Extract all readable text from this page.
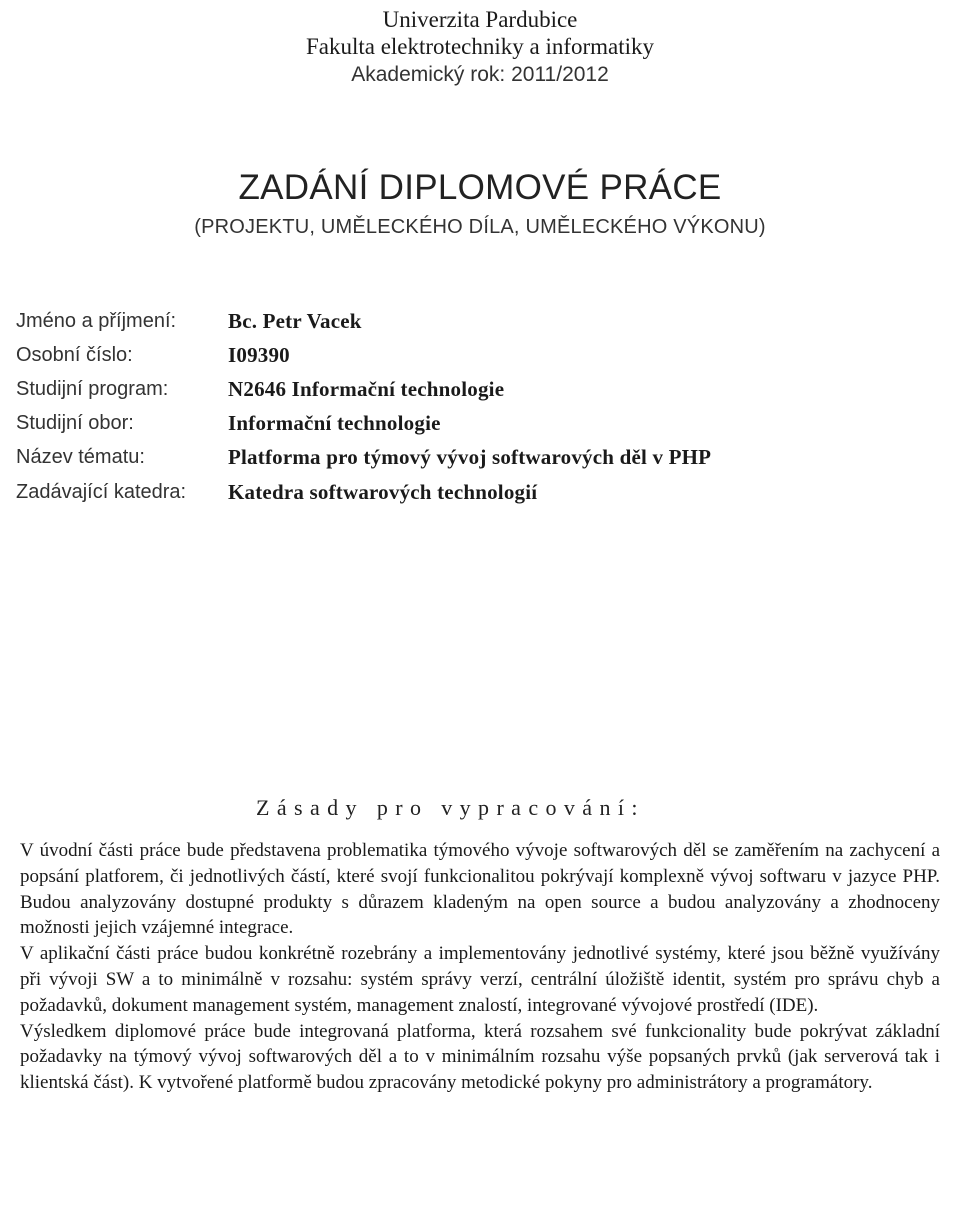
Univerzita Pardubice
Fakulta elektrotechniky a informatiky
Akademický rok: 2011/2012
ZADÁNÍ DIPLOMOVÉ PRÁCE
(PROJEKTU, UMĚLECKÉHO DÍLA, UMĚLECKÉHO VÝKONU)
Jméno a příjmení:	Bc. Petr Vacek
Osobní číslo:	I09390
Studijní program:	N2646 Informační technologie
Studijní obor:	Informační technologie
Název tématu:	Platforma pro týmový vývoj softwarových děl v PHP
Zadávající katedra:	Katedra softwarových technologií
Zásady pro vypracování:

V úvodní části práce bude představena problematika týmového vývoje softwarových děl se zaměřením na zachycení a popsání platforem, či jednotlivých částí, které svojí funkcionalitou pokrývají komplexně vývoj softwaru v jazyce PHP. Budou analyzovány dostupné produkty s důrazem kladeným na open source a budou analyzovány a zhodnoceny možnosti jejich vzájemné integrace.

V aplikační části práce budou konkrétně rozebrány a implementovány jednotlivé systémy, které jsou běžně využívány při vývoji SW a to minimálně v rozsahu: systém správy verzí, centrální úložiště identit, systém pro správu chyb a požadavků, dokument management systém, management znalostí, integrované vývojové prostředí (IDE).

Výsledkem diplomové práce bude integrovaná platforma, která rozsahem své funkcionality bude pokrývat základní požadavky na týmový vývoj softwarových děl a to v minimálním rozsahu výše popsaných prvků (jak serverová tak i klientská část). K vytvořené platformě budou zpracovány metodické pokyny pro administrátory a programátory.
